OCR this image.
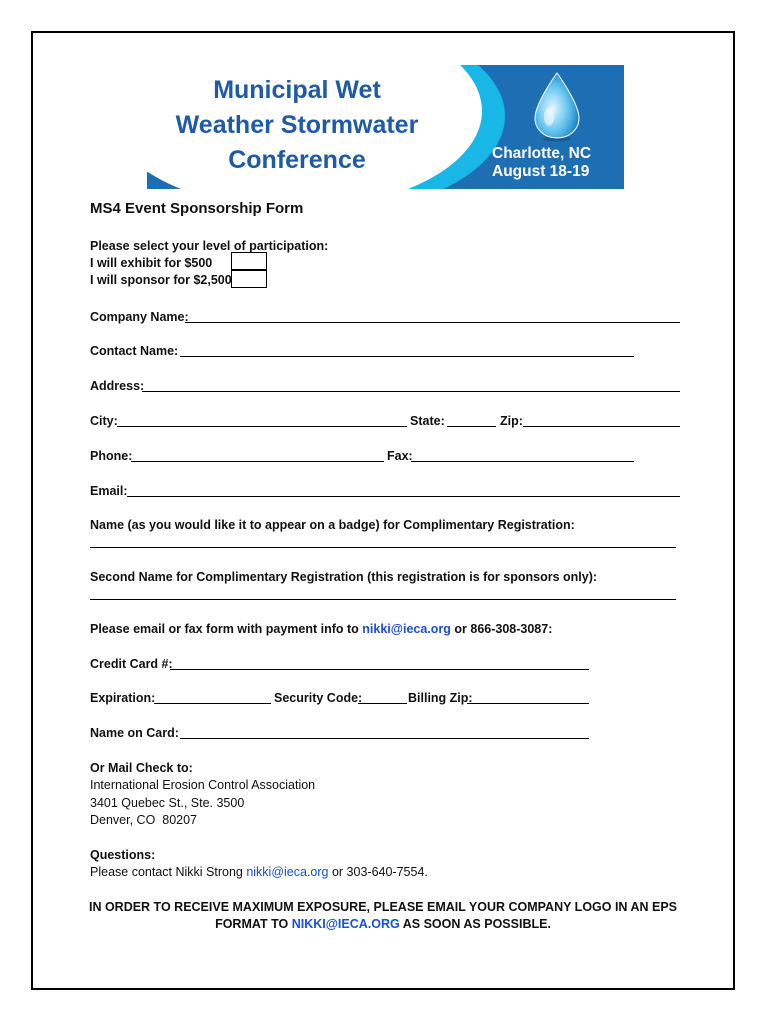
Municipal Wet
Weather Stormwater
Conference	Charlotte, NC
August 18-19
MS4 Event Sponsorship Form
Please select your level of participation:
I will exhibit for $500
I will sponsor for $2,500
Company Name:
Contact Name:
Address:
City:	State:	Zip:
Phone:	Fax:
Email:
Name (as you would like it to appear on a badge) for Complimentary Registration:
Second Name for Complimentary Registration (this registration is for sponsors only):
Please email or fax form with payment info to nikki@ieca.org or 866-308-3087:
Credit Card #:
Expiration:	Security Code:	Billing Zip:
Name on Card:
Or Mail Check to:
International Erosion Control Association
3401 Quebec St., Ste. 3500
Denver, CO  80207
Questions:
Please contact Nikki Strong nikki@ieca.org or 303-640-7554.
IN ORDER TO RECEIVE MAXIMUM EXPOSURE, PLEASE EMAIL YOUR COMPANY LOGO IN AN EPS
FORMAT TO NIKKI@IECA.ORG AS SOON AS POSSIBLE.
